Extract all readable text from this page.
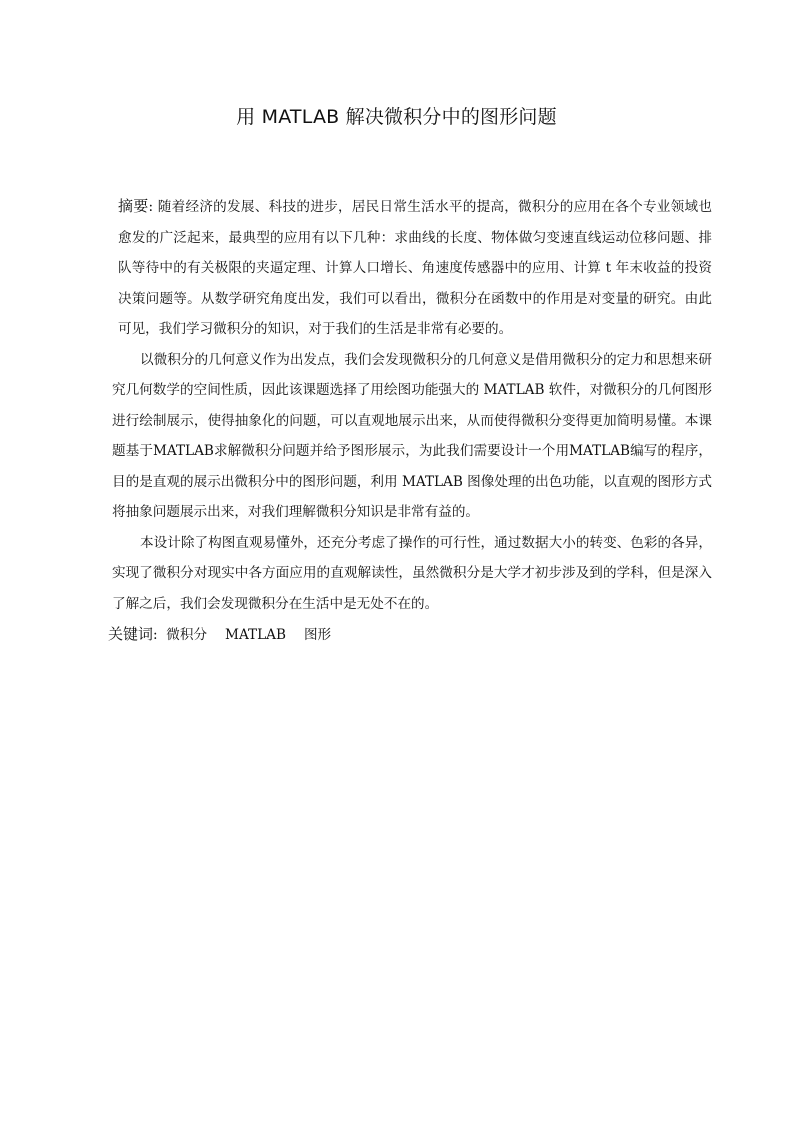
用 MATLAB 解决微积分中的图形问题

摘要: 随着经济的发展、科技的进步，居民日常生活水平的提高，微积分的应用在各个专业领域也愈发的广泛起来，最典型的应用有以下几种：求曲线的长度、物体做匀变速直线运动位移问题、排队等待中的有关极限的夹逼定理、计算人口增长、角速度传感器中的应用、计算 t 年末收益的投资决策问题等。从数学研究角度出发，我们可以看出，微积分在函数中的作用是对变量的研究。由此可见，我们学习微积分的知识，对于我们的生活是非常有必要的。

以微积分的几何意义作为出发点，我们会发现微积分的几何意义是借用微积分的定力和思想来研究几何数学的空间性质，因此该课题选择了用绘图功能强大的 MATLAB 软件，对微积分的几何图形进行绘制展示，使得抽象化的问题，可以直观地展示出来，从而使得微积分变得更加简明易懂。本课题基于MATLAB求解微积分问题并给予图形展示，为此我们需要设计一个用MATLAB编写的程序，目的是直观的展示出微积分中的图形问题，利用 MATLAB 图像处理的出色功能，以直观的图形方式将抽象问题展示出来，对我们理解微积分知识是非常有益的。

本设计除了构图直观易懂外，还充分考虑了操作的可行性，通过数据大小的转变、色彩的各异，实现了微积分对现实中各方面应用的直观解读性，虽然微积分是大学才初步涉及到的学科，但是深入了解之后，我们会发现微积分在生活中是无处不在的。

关键词: 微积分 MATLAB 图形
